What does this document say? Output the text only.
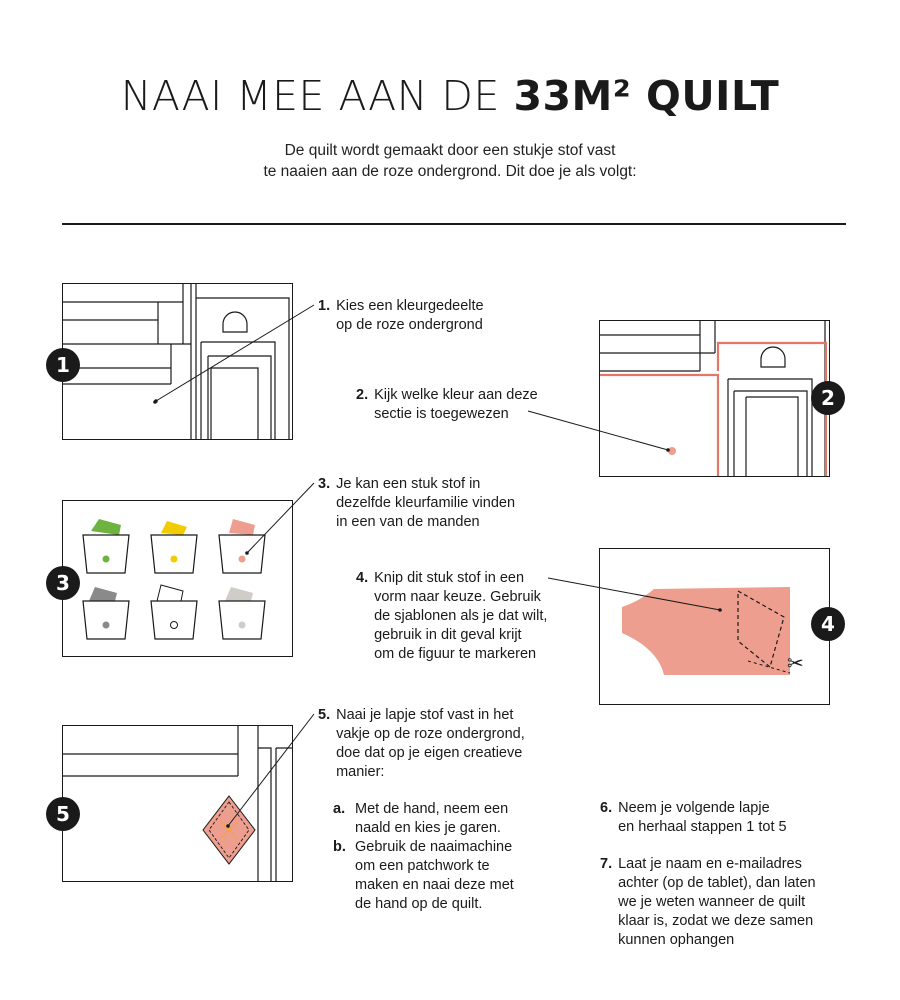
NAAI MEE AAN DE 33M² QUILT
De quilt wordt gemaakt door een stukje stof vast
te naaien aan de roze ondergrond. Dit doe je als volgt:
✂
1
2
3
4
5
1. Kies een kleurgedeelte
op de roze ondergrond
2. Kijk welke kleur aan deze
sectie is toegewezen
3. Je kan een stuk stof in
dezelfde kleurfamilie vinden
in een van de manden
4. Knip dit stuk stof in een
vorm naar keuze. Gebruik
de sjablonen als je dat wilt,
gebruik in dit geval krijt
om de figuur te markeren
5. Naai je lapje stof vast in het
vakje op de roze ondergrond,
doe dat op je eigen creatieve
manier:
a. Met de hand, neem een
naald en kies je garen.
b. Gebruik de naaimachine
om een patchwork te
maken en naai deze met
de hand op de quilt.
6. Neem je volgende lapje
en herhaal stappen 1 tot 5
7. Laat je naam en e-mailadres
achter (op de tablet), dan laten
we je weten wanneer de quilt
klaar is, zodat we deze samen
kunnen ophangen
